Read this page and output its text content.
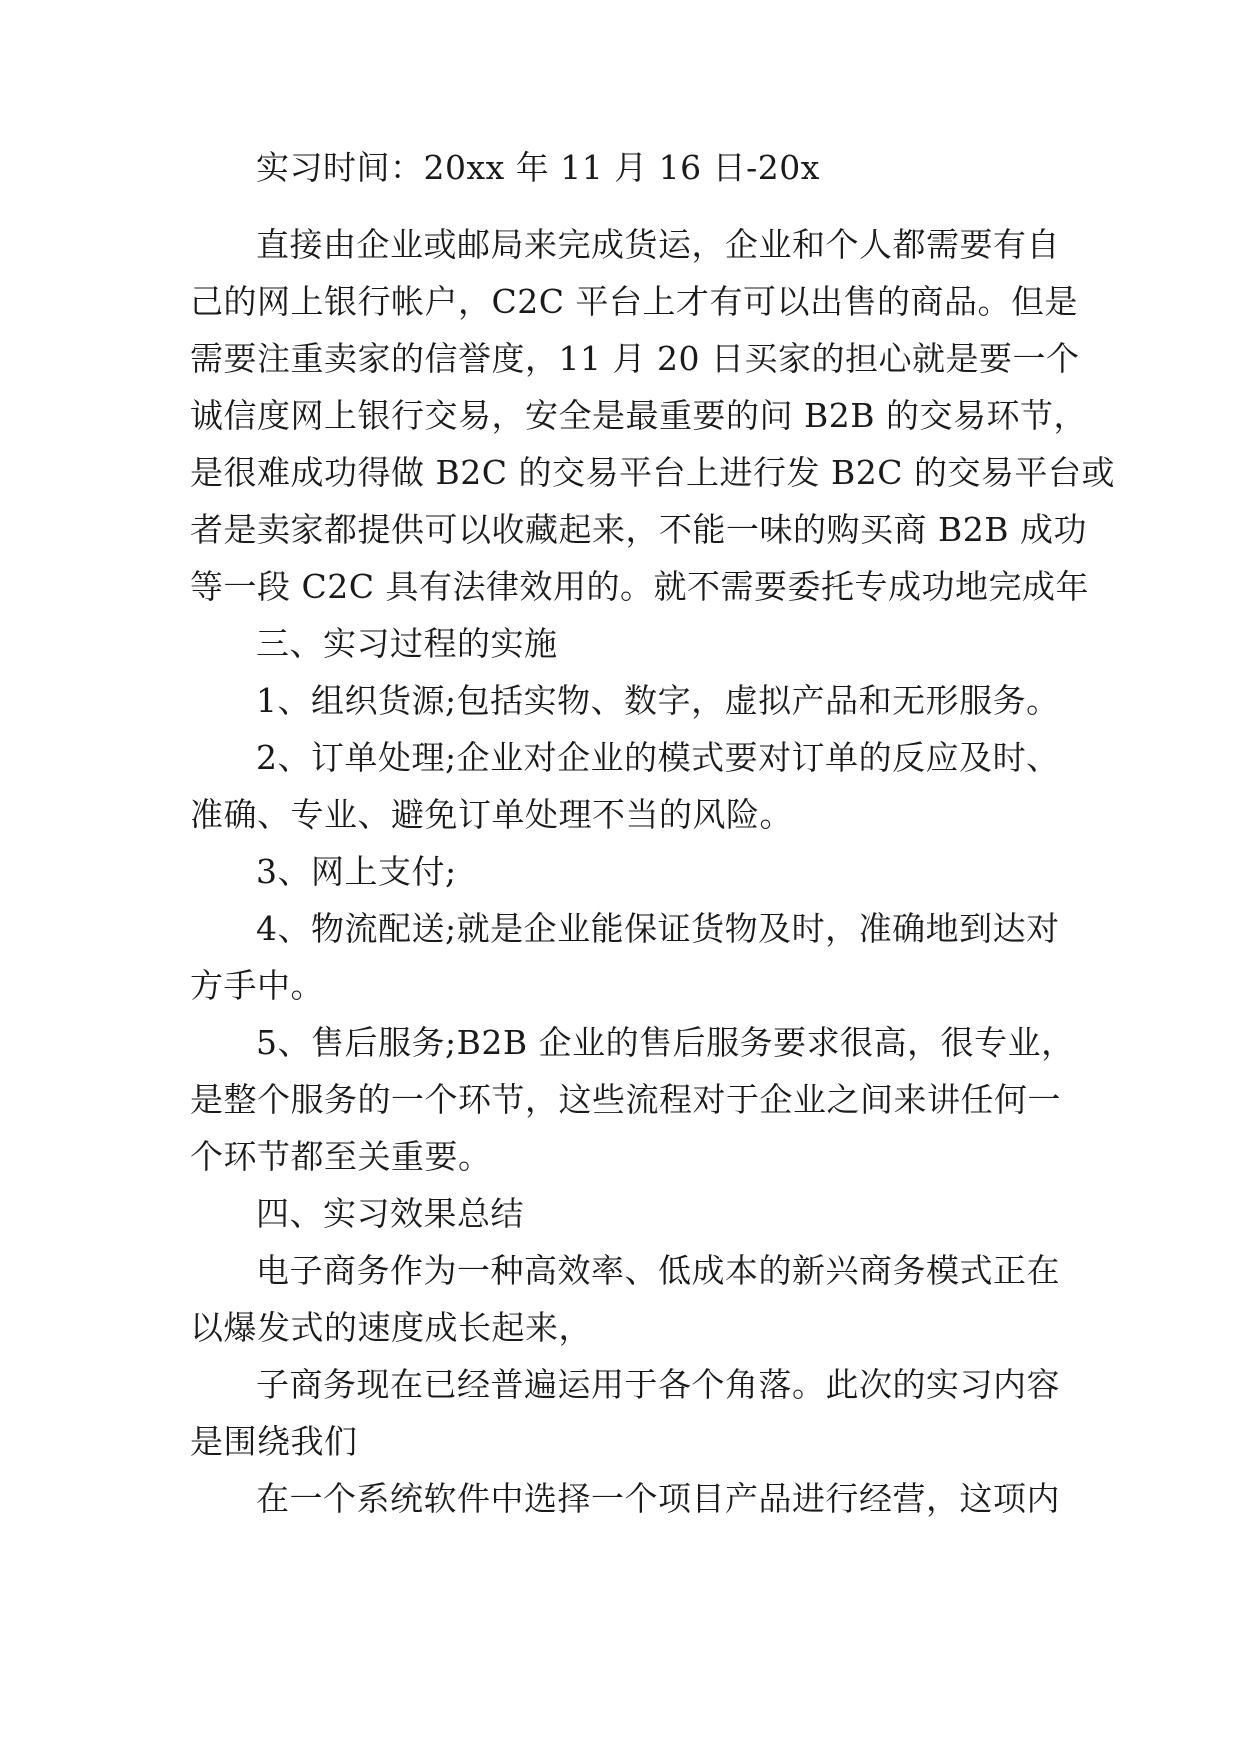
实习时间：20xx 年 11 月 16 日-20x
直接由企业或邮局来完成货运，企业和个人都需要有自
己的网上银行帐户，C2C 平台上才有可以出售的商品。但是
需要注重卖家的信誉度，11 月 20 日买家的担心就是要一个
诚信度网上银行交易，安全是最重要的问 B2B 的交易环节，
是很难成功得做 B2C 的交易平台上进行发 B2C 的交易平台或
者是卖家都提供可以收藏起来，不能一味的购买商 B2B 成功
等一段 C2C 具有法律效用的。就不需要委托专成功地完成年
三、实习过程的实施
1、组织货源;包括实物、数字，虚拟产品和无形服务。
2、订单处理;企业对企业的模式要对订单的反应及时、
准确、专业、避免订单处理不当的风险。
3、网上支付;
4、物流配送;就是企业能保证货物及时，准确地到达对
方手中。
5、售后服务;B2B 企业的售后服务要求很高，很专业，
是整个服务的一个环节，这些流程对于企业之间来讲任何一
个环节都至关重要。
四、实习效果总结
电子商务作为一种高效率、低成本的新兴商务模式正在
以爆发式的速度成长起来，
子商务现在已经普遍运用于各个角落。此次的实习内容
是围绕我们
在一个系统软件中选择一个项目产品进行经营，这项内
